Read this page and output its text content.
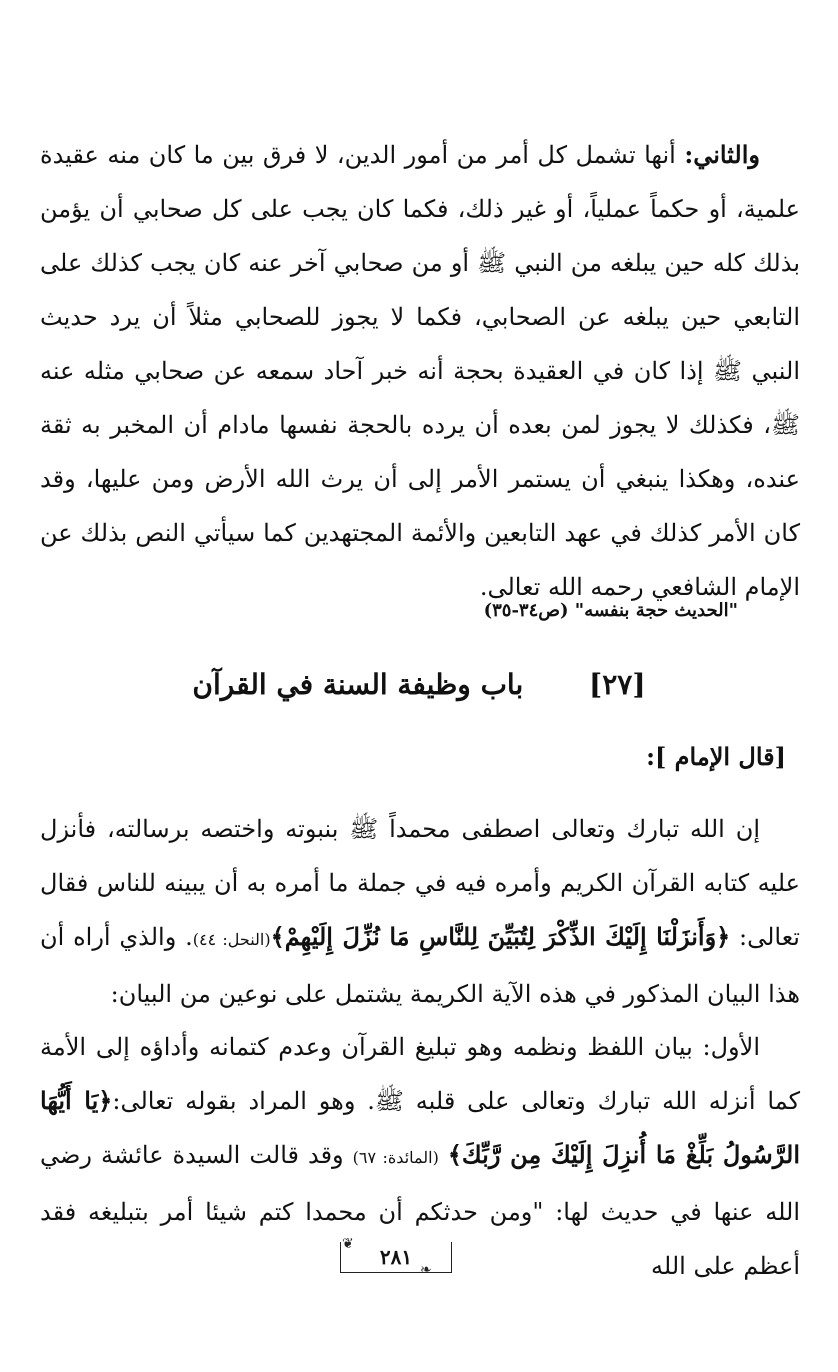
والثاني: أنها تشمل كل أمر من أمور الدين، لا فرق بين ما كان منه عقيدة علمية، أو حكماً عملياً، أو غير ذلك، فكما كان يجب على كل صحابي أن يؤمن بذلك كله حين يبلغه من النبي ﷺ أو من صحابي آخر عنه كان يجب كذلك على التابعي حين يبلغه عن الصحابي، فكما لا يجوز للصحابي مثلاً أن يرد حديث النبي ﷺ إذا كان في العقيدة بحجة أنه خبر آحاد سمعه عن صحابي مثله عنه ﷺ، فكذلك لا يجوز لمن بعده أن يرده بالحجة نفسها مادام أن المخبر به ثقة عنده، وهكذا ينبغي أن يستمر الأمر إلى أن يرث الله الأرض ومن عليها، وقد كان الأمر كذلك في عهد التابعين والأئمة المجتهدين كما سيأتي النص بذلك عن الإمام الشافعي رحمه الله تعالى.
"الحديث حجة بنفسه" (ص٣٤-٣٥)
[٢٧] باب وظيفة السنة في القرآن
[قال الإمام ]:
إن الله تبارك وتعالى اصطفى محمداً ﷺ بنبوته واختصه برسالته، فأنزل عليه كتابه القرآن الكريم وأمره فيه في جملة ما أمره به أن يبينه للناس فقال تعالى: ﴿وَأَنزَلْنَا إِلَيْكَ الذِّكْرَ لِتُبَيِّنَ لِلنَّاسِ مَا نُزِّلَ إِلَيْهِمْ﴾(النحل: ٤٤). والذي أراه أن هذا البيان المذكور في هذه الآية الكريمة يشتمل على نوعين من البيان:
الأول: بيان اللفظ ونظمه وهو تبليغ القرآن وعدم كتمانه وأداؤه إلى الأمة كما أنزله الله تبارك وتعالى على قلبه ﷺ. وهو المراد بقوله تعالى:﴿يَا أَيُّهَا الرَّسُولُ بَلِّغْ مَا أُنزِلَ إِلَيْكَ مِن رَّبِّكَ﴾ (المائدة: ٦٧) وقد قالت السيدة عائشة رضي الله عنها في حديث لها: "ومن حدثكم أن محمدا كتم شيئا أمر بتبليغه فقد أعظم على الله
٢٨١
❦
❧
